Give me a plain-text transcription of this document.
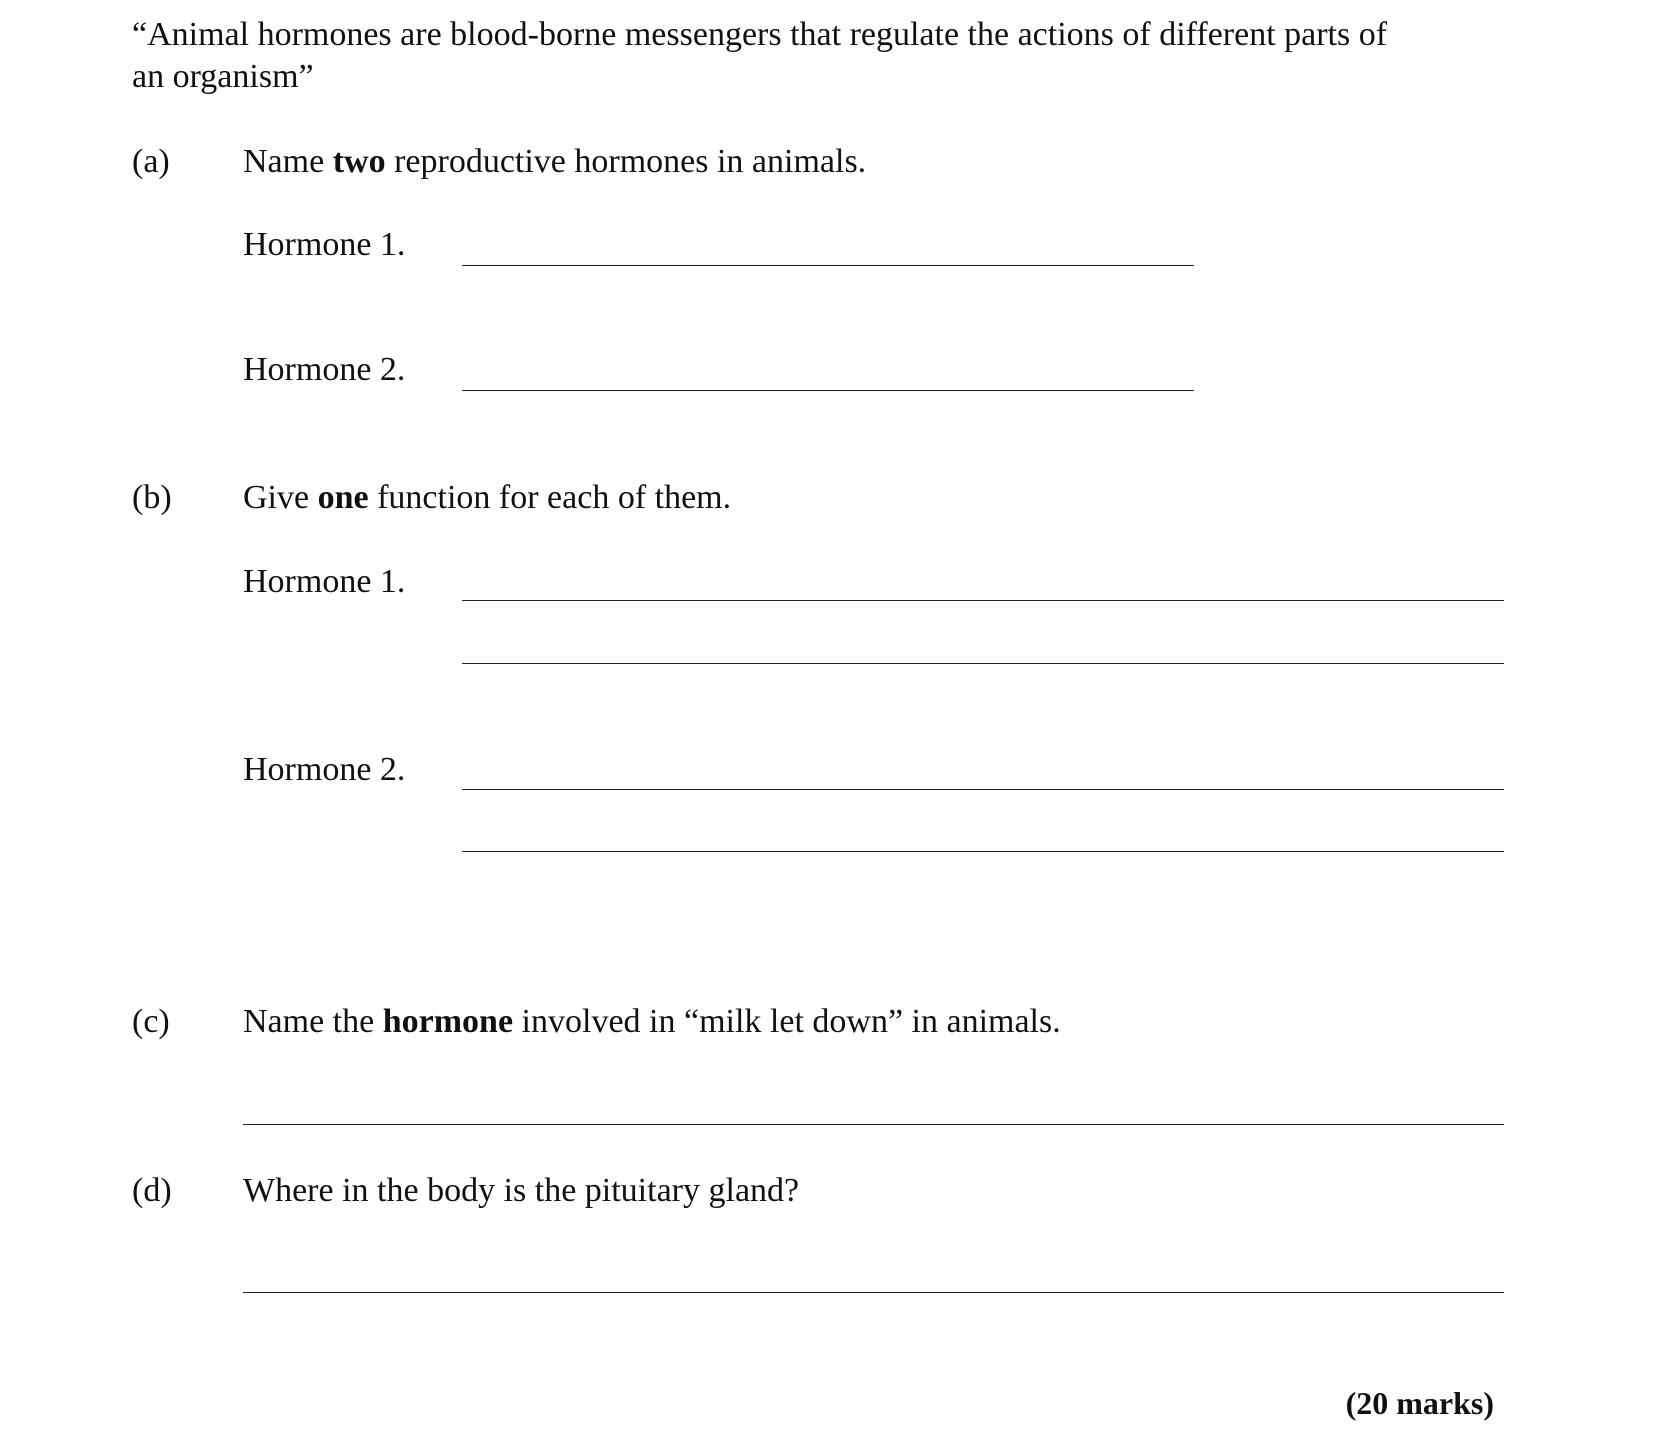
“Animal hormones are blood-borne messengers that regulate the actions of different parts of
an organism”
(a) Name two reproductive hormones in animals.
Hormone 1.
Hormone 2.
(b) Give one function for each of them.
Hormone 1.
Hormone 2.
(c) Name the hormone involved in “milk let down” in animals.
(d) Where in the body is the pituitary gland?
(20 marks)
